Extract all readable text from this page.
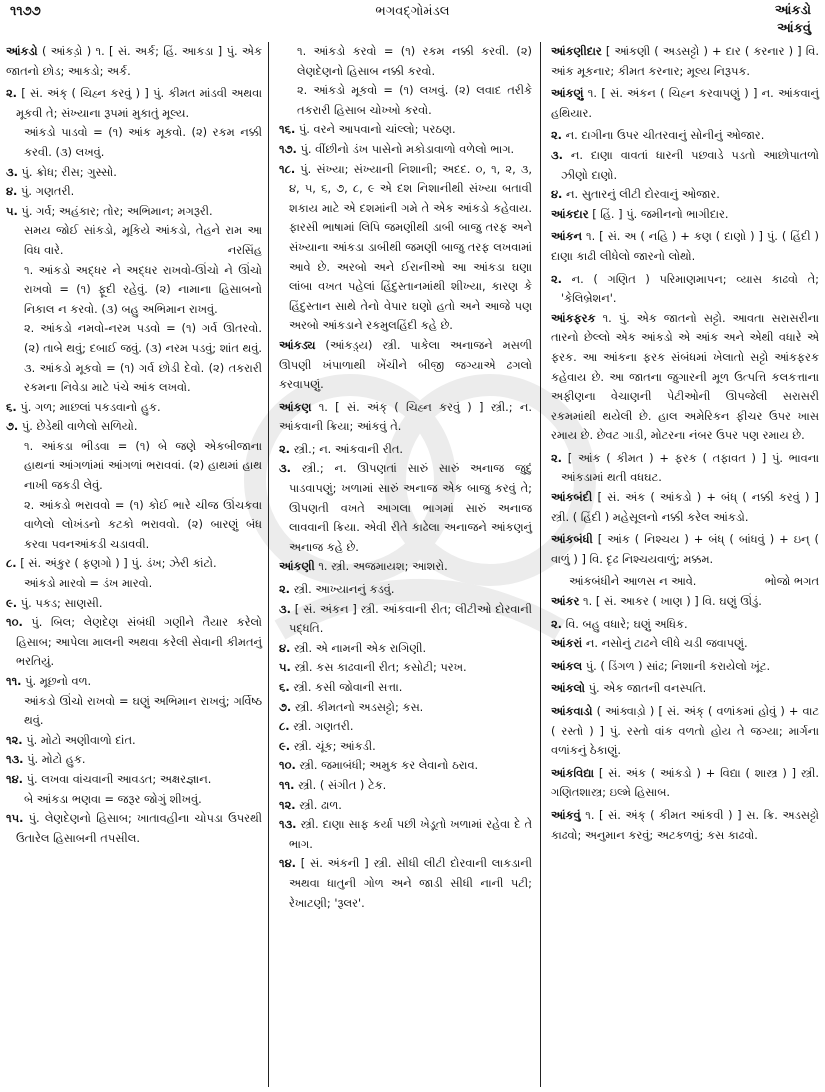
૧૧૭૭	ભગવદ્ગોમંડલ	આંકડો
આંકવું

આંકડો ( આંકડ઼ો ) ૧. [ સં. અર્ક; હિં. આકડા ] પું. એક જાતનો છોડ; આકડો; અર્ક.

૨. [ સં. અંક્ ( ચિહ્ન કરવું ) ] પું. કીમત માંડવી અથવા મૂકવી તે; સંખ્યાના રૂપમાં મુકાતું મૂલ્ય.

આંકડો પાડવો = (૧) આંક મૂકવો. (૨) રકમ નક્કી કરવી. (૩) લખવું.

૩. પું. ક્રોધ; રીસ; ગુસ્સો.

૪. પું. ગણતરી.

૫. પું. ગર્વ; અહંકાર; તોર; અભિમાન; મગરૂરી.

સમય જોઈ સાંકડો, મૂકિયે આંકડો, તેહને રામ આ વિધ વારે.	નરસિંહ

૧. આંકડો અદ્ધર ને અદ્ધર રાખવો-ઊંચો ને ઊંચો રાખવો = (૧) ફૂદી રહેવું. (૨) નામાના હિસાબનો નિકાલ ન કરવો. (૩) બહુ અભિમાન રાખવું.

૨. આંકડો નમવો-નરમ પડવો = (૧) ગર્વ ઊતરવો. (૨) તાબે થવું; દબાઈ જવું. (૩) નરમ પડવું; શાંત થવું.

૩. આંકડો મૂકવો = (૧) ગર્વ છોડી દેવો. (૨) તકરારી રકમના નિવેડા માટે પંચે આંક લખવો.

૬. પું. ગળ; માછલાં પકડવાનો હુક.

૭. પું. છેડેથી વાળેલો સળિયો.

૧. આંકડા ભીડવા = (૧) બે જણે એકબીજાના હાથનાં આંગળાંમાં આંગળાં ભરાવવાં. (૨) હાથમાં હાથ નાખી જકડી લેવું.

૨. આંકડો ભરાવવો = (૧) કોઈ ભારે ચીજ ઊંચકવા વાળેલો લોખંડનો કટકો ભરાવવો. (૨) બારણું બંધ કરવા પવનઆંકડી ચડાવવી.

૮. [ સં. અંકુર ( ફણગો ) ] પું. ડંખ; ઝેરી કાંટો.

આંકડો મારવો = ડંખ મારવો.

૯. પું. પકડ; સાણસી.

૧૦. પું. બિલ; લેણદેણ સંબંધી ગણીને તૈયાર કરેલો હિસાબ; આપેલા માલની અથવા કરેલી સેવાની કીમતનું ભરતિયું.

૧૧. પું. મૂછનો વળ.

આંકડો ઊંચો રાખવો = ઘણું અભિમાન રાખવું; ગર્વિષ્ઠ થવું.

૧૨. પું. મોટો અણીવાળો દાંત.

૧૩. પું. મોટો હુક.

૧૪. પું. લખવા વાંચવાની આવડત; અક્ષરજ્ઞાન.

બે આંકડા ભણવા = જરૂર જોગું શીખવું.

૧૫. પું. લેણદેણનો હિસાબ; ખાતાવહીના ચોપડા ઉપરથી ઉતારેલ હિસાબની તપસીલ.

૧. આંકડો કરવો = (૧) રકમ નક્કી કરવી. (૨) લેણદેણનો હિસાબ નક્કી કરવો.

૨. આંકડો મૂકવો = (૧) લખવું. (૨) લવાદ તરીકે તકરારી હિસાબ ચોખ્ખો કરવો.

૧૬. પું. વરને આપવાનો ચાંલ્લો; પરઠણ.

૧૭. પું. વીંછીનો ડંખ પાસેનો મકોડાવાળો વળેલો ભાગ.

૧૮. પું. સંખ્યા; સંખ્યાની નિશાની; અદદ. ૦, ૧, ૨, ૩, ૪, ૫, ૬, ૭, ૮, ૯ એ દશ નિશાનીથી સંખ્યા બતાવી શકાય માટે એ દશમાંની ગમે તે એક આંકડો કહેવાય. ફારસી ભાષામાં લિપિ જમણીથી ડાબી બાજુ તરફ અને સંખ્યાના આંકડા ડાબીથી જમણી બાજુ તરફ લખવામાં આવે છે. અરબો અને ઈરાનીઓ આ આંકડા ઘણા લાંબા વખત પહેલાં હિંદુસ્તાનમાંથી શીખ્યા, કારણ કે હિંદુસ્તાન સાથે તેનો વેપાર ઘણો હતો અને આજે પણ અરબો આંકડાને રકમુલહિંદી કહે છે.

આંકડ્ય (આંકડ઼્ય) સ્ત્રી. પાકેલા અનાજને મસળી ઊપણી ખંપાળાથી ખેંચીને બીજી જગ્યાએ ઢગલો કરવાપણું.

આંકણ ૧. [ સં. અંક્ ( ચિહ્ન કરવું ) ] સ્ત્રી.; ન. આંકવાની ક્રિયા; આંકવું તે.

૨. સ્ત્રી.; ન. આંકવાની રીત.

૩. સ્ત્રી.; ન. ઊપણતાં સારું સારું અનાજ જુદું પાડવાપણું; ખળામાં સારું અનાજ એક બાજુ કરવું તે; ઊપણતી વખતે આગલા ભાગમાં સારું અનાજ લાવવાની ક્રિયા. એવી રીતે કાઢેલા અનાજને આંકણનું અનાજ કહે છે.

આંકણી ૧. સ્ત્રી. અજમાયશ; આશરો.

૨. સ્ત્રી. આખ્યાનનું કડવું.

૩. [ સં. અંકન ] સ્ત્રી. આંકવાની રીત; લીટીઓ દોરવાની પદ્ધતિ.

૪. સ્ત્રી. એ નામની એક રાગિણી.

૫. સ્ત્રી. કસ કાઢવાની રીત; કસોટી; પરખ.

૬. સ્ત્રી. કસી જોવાની સત્તા.

૭. સ્ત્રી. કીમતનો અડસટ્ટો; કસ.

૮. સ્ત્રી. ગણતરી.

૯. સ્ત્રી. ચૂંક; આંકડી.

૧૦. સ્ત્રી. જમાબંધી; અમુક કર લેવાનો ઠરાવ.

૧૧. સ્ત્રી. ( સંગીત ) ટેક.

૧૨. સ્ત્રી. ઢાળ.

૧૩. સ્ત્રી. દાણા સાફ કર્યા પછી ખેડૂતો ખળામાં રહેવા દે તે ભાગ.

૧૪. [ સં. અંકની ] સ્ત્રી. સીધી લીટી દોરવાની લાકડાની અથવા ધાતુની ગોળ અને જાડી સીધી નાની પટી; રેખાટણી; 'રૂલર'.

આંકણીદાર [ આંકણી ( અડસટ્ટો ) + દાર ( કરનાર ) ] વિ. આંક મૂકનાર; કીમત કરનાર; મૂલ્ય નિરૂપક.

આંકણું ૧. [ સં. અંકન ( ચિહ્ન કરવાપણું ) ] ન. આંકવાનું હથિયાર.

૨. ન. દાગીના ઉપર ચીતરવાનું સોનીનું ઓજાર.

૩. ન. દાણા વાવતાં ધારની પછવાડે પડતો આછોપાતળો ઝીણો દાણો.

૪. ન. સુતારનું લીટી દોરવાનું ઓજાર.

આંકદાર [ હિં. ] પું. જમીનનો ભાગીદાર.

આંકન ૧. [ સં. અ ( નહિ ) + કણ ( દાણો ) ] પું. ( હિંદી ) દાણા કાઢી લીધેલો જારનો લોથો.

૨. ન. ( ગણિત ) પરિમાણમાપન; વ્યાસ કાઢવો તે; 'કેલિબ્રેશન'.

આંકફરક ૧. પું. એક જાતનો સટ્ટો. આવતા સરાસરીના તારનો છેલ્લો એક આંકડો એ આંક અને એથી વધારે એ ફરક. આ આંકના ફરક સંબંધમાં ખેલાતો સટ્ટો આંકફરક કહેવાય છે. આ જાતના જુગારની મૂળ ઉત્પત્તિ કલકત્તાના અફીણના વેચાણની પેટીઓની ઊપજેલી સરાસરી રકમમાંથી થયેલી છે. હાલ અમેરિકન ફીચર ઉપર ખાસ રમાય છે. છેવટ ગાડી, મોટરના નંબર ઉપર પણ રમાય છે.

૨. [ આંક ( કીમત ) + ફરક ( તફાવત ) ] પું. ભાવના આંકડામાં થતી વધઘટ.

આંકબંદી [ સં. અંક ( આંકડો ) + બંધ્ ( નક્કી કરવું ) ] સ્ત્રી. ( હિંદી ) મહેસૂલનો નક્કી કરેલ આંકડો.

આંકબંધી [ આંક ( નિશ્ચય ) + બંધ્ ( બાંધવું ) + ઇન્ ( વાળું ) ] વિ. દૃઢ નિશ્ચયવાળું; મક્કમ.

આંકબંધીને આળસ ન આવે.	ભોજો ભગત

આંકર ૧. [ સં. આકર ( ખાણ ) ] વિ. ઘણું ઊંડું.

૨. વિ. બહુ વધારે; ઘણું અધિક.

આંકરાં ન. નસોનું ટાઢને લીધે ચડી જવાપણું.

આંકલ પું. ( ડિંગળ ) સાંઢ; નિશાની કરાયેલો ખૂંટ.

આંકલો પું. એક જાતની વનસ્પતિ.

આંકવાડો ( આંક્વાડ઼ો ) [ સં. અંક્ ( વળાંકમાં હોવું ) + વાટ ( રસ્તો ) ] પું. રસ્તો વાંક વળતો હોય તે જગ્યા; માર્ગના વળાંકનું ઠેકાણું.

આંકવિદ્યા [ સં. અંક ( આંકડો ) + વિદ્યા ( શાસ્ત્ર ) ] સ્ત્રી. ગણિતશાસ્ત્ર; ઇલ્મે હિસાબ.

આંકવું ૧. [ સં. અંક્ ( કીમત આંકવી ) ] સ. ક્રિ. અડસટ્ટો કાઢવો; અનુમાન કરવું; અટકળવું; કસ કાઢવો.
